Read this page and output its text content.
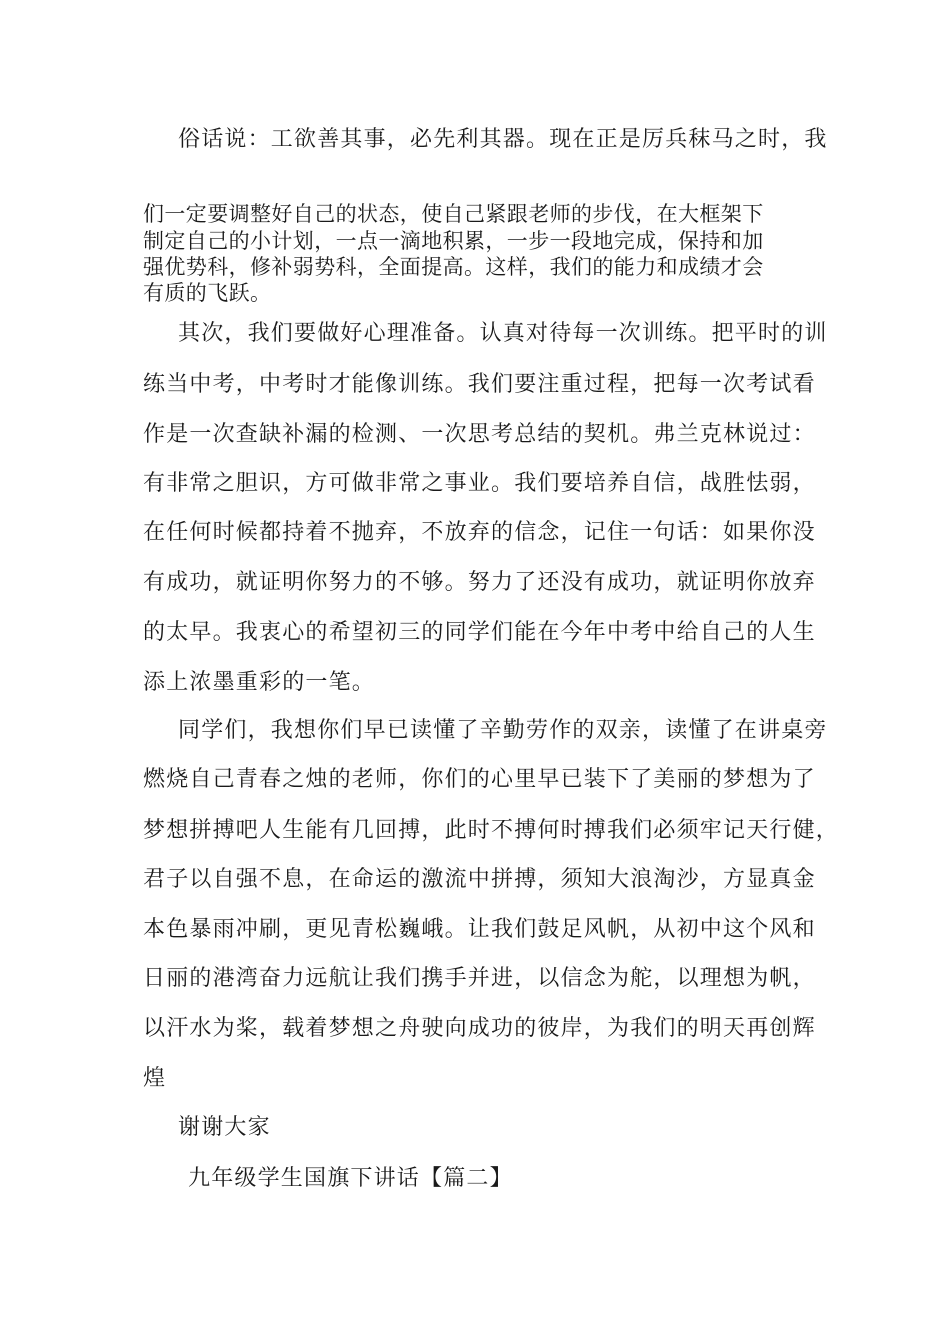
俗话说：工欲善其事，必先利其器。现在正是厉兵秣马之时，我
们一定要调整好自己的状态，使自己紧跟老师的步伐，在大框架下
制定自己的小计划，一点一滴地积累，一步一段地完成，保持和加
强优势科，修补弱势科，全面提高。这样，我们的能力和成绩才会
有质的飞跃。
其次，我们要做好心理准备。认真对待每一次训练。把平时的训
练当中考，中考时才能像训练。我们要注重过程，把每一次考试看
作是一次查缺补漏的检测、一次思考总结的契机。弗兰克林说过：
有非常之胆识，方可做非常之事业。我们要培养自信，战胜怯弱，
在任何时候都持着不抛弃，不放弃的信念，记住一句话：如果你没
有成功，就证明你努力的不够。努力了还没有成功，就证明你放弃
的太早。我衷心的希望初三的同学们能在今年中考中给自己的人生
添上浓墨重彩的一笔。
同学们，我想你们早已读懂了辛勤劳作的双亲，读懂了在讲桌旁
燃烧自己青春之烛的老师，你们的心里早已装下了美丽的梦想为了
梦想拼搏吧人生能有几回搏，此时不搏何时搏我们必须牢记天行健，
君子以自强不息，在命运的激流中拼搏，须知大浪淘沙，方显真金
本色暴雨冲刷，更见青松巍峨。让我们鼓足风帆，从初中这个风和
日丽的港湾奋力远航让我们携手并进，以信念为舵，以理想为帆，
以汗水为桨，载着梦想之舟驶向成功的彼岸，为我们的明天再创辉
煌
谢谢大家
九年级学生国旗下讲话【篇二】
